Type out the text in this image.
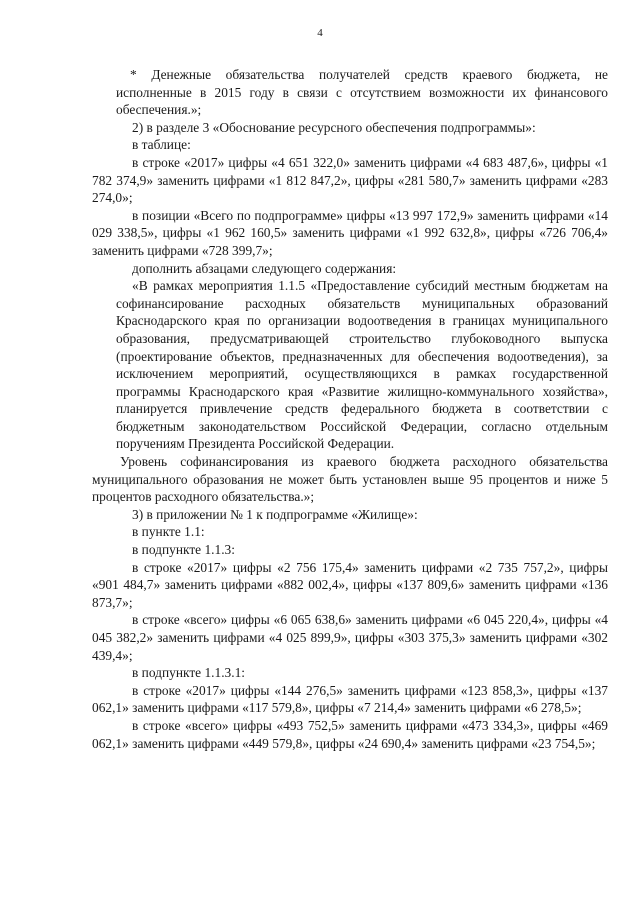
4

* Денежные обязательства получателей средств краевого бюджета, не исполненные в 2015 году в связи с отсутствием возможности их финансового обеспечения.»;

2) в разделе 3 «Обоснование ресурсного обеспечения подпрограммы»:

в таблице:

в строке «2017» цифры «4 651 322,0» заменить цифрами «4 683 487,6», цифры «1 782 374,9» заменить цифрами «1 812 847,2», цифры «281 580,7» заменить цифрами «283 274,0»;

в позиции «Всего по подпрограмме» цифры «13 997 172,9» заменить цифрами «14 029 338,5», цифры «1 962 160,5» заменить цифрами «1 992 632,8», цифры «726 706,4» заменить цифрами «728 399,7»;

дополнить абзацами следующего содержания:

«В рамках мероприятия 1.1.5 «Предоставление субсидий местным бюджетам на софинансирование расходных обязательств муниципальных образований Краснодарского края по организации водоотведения в границах муниципального образования, предусматривающей строительство глубоководного выпуска (проектирование объектов, предназначенных для обеспечения водоотведения), за исключением мероприятий, осуществляющихся в рамках государственной программы Краснодарского края «Развитие жилищно-коммунального хозяйства», планируется привлечение средств федерального бюджета в соответствии с бюджетным законодательством Российской Федерации, согласно отдельным поручениям Президента Российской Федерации.

Уровень софинансирования из краевого бюджета расходного обязательства муниципального образования не может быть установлен выше 95 процентов и ниже 5 процентов расходного обязательства.»;

3) в приложении № 1 к подпрограмме «Жилище»:

в пункте 1.1:

в подпункте 1.1.3:

в строке «2017» цифры «2 756 175,4» заменить цифрами «2 735 757,2», цифры «901 484,7» заменить цифрами «882 002,4», цифры «137 809,6» заменить цифрами «136 873,7»;

в строке «всего» цифры «6 065 638,6» заменить цифрами «6 045 220,4», цифры «4 045 382,2» заменить цифрами «4 025 899,9», цифры «303 375,3» заменить цифрами «302 439,4»;

в подпункте 1.1.3.1:

в строке «2017» цифры «144 276,5» заменить цифрами «123 858,3», цифры «137 062,1» заменить цифрами «117 579,8», цифры «7 214,4» заменить цифрами «6 278,5»;

в строке «всего» цифры «493 752,5» заменить цифрами «473 334,3», цифры «469 062,1» заменить цифрами «449 579,8», цифры «24 690,4» заменить цифрами «23 754,5»;
